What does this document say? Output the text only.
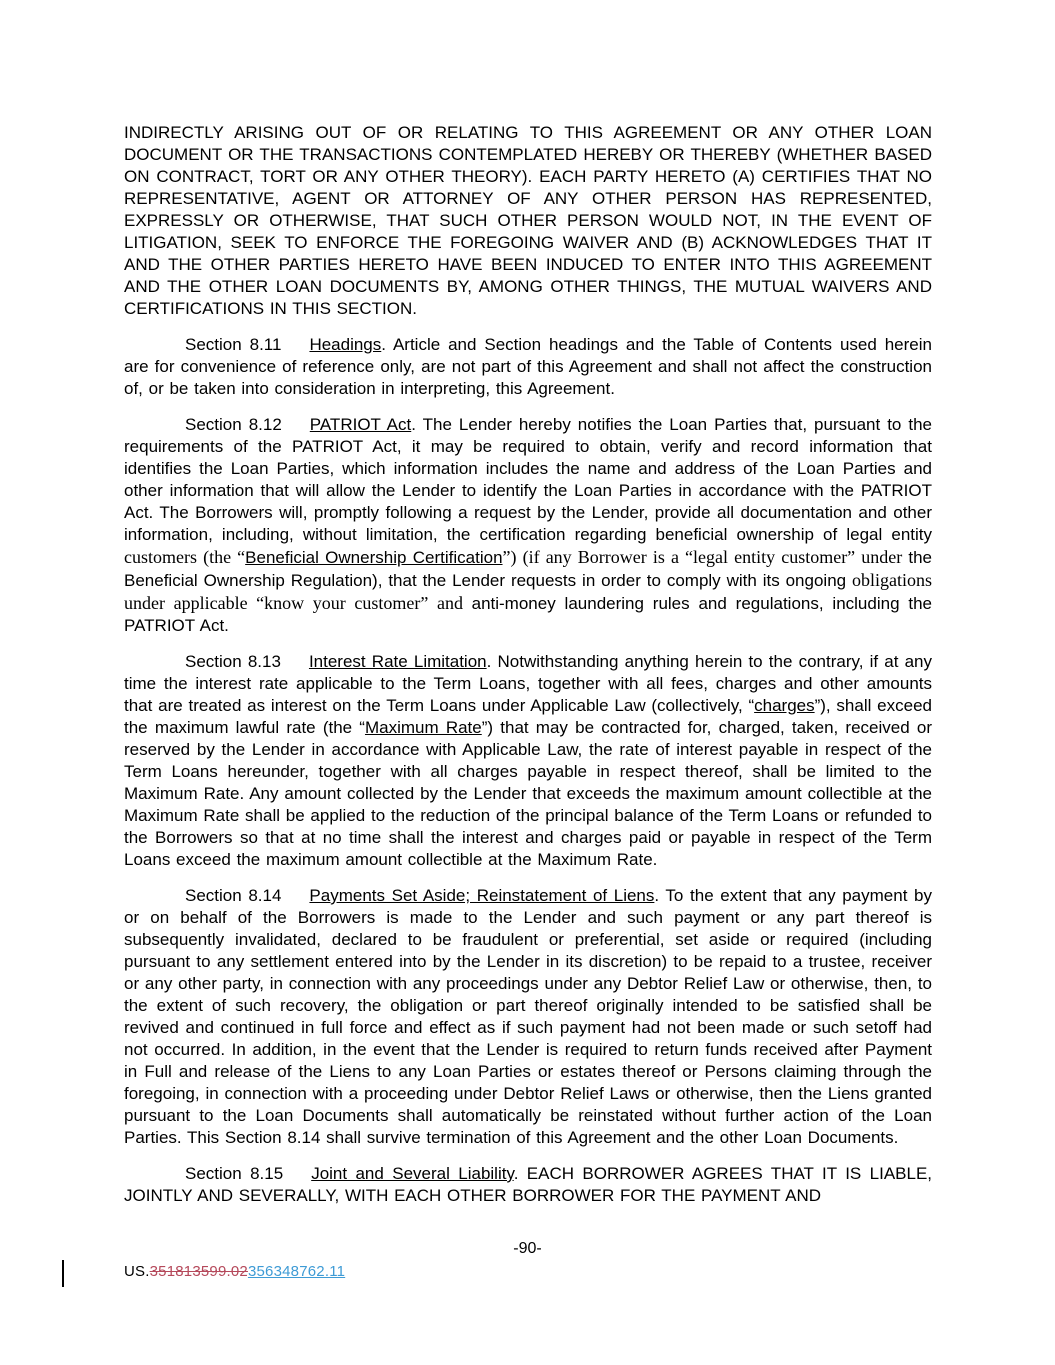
INDIRECTLY ARISING OUT OF OR RELATING TO THIS AGREEMENT OR ANY OTHER LOAN DOCUMENT OR THE TRANSACTIONS CONTEMPLATED HEREBY OR THEREBY (WHETHER BASED ON CONTRACT, TORT OR ANY OTHER THEORY). EACH PARTY HERETO (A) CERTIFIES THAT NO REPRESENTATIVE, AGENT OR ATTORNEY OF ANY OTHER PERSON HAS REPRESENTED, EXPRESSLY OR OTHERWISE, THAT SUCH OTHER PERSON WOULD NOT, IN THE EVENT OF LITIGATION, SEEK TO ENFORCE THE FOREGOING WAIVER AND (B) ACKNOWLEDGES THAT IT AND THE OTHER PARTIES HERETO HAVE BEEN INDUCED TO ENTER INTO THIS AGREEMENT AND THE OTHER LOAN DOCUMENTS BY, AMONG OTHER THINGS, THE MUTUAL WAIVERS AND CERTIFICATIONS IN THIS SECTION.

Section 8.11 Headings. Article and Section headings and the Table of Contents used herein are for convenience of reference only, are not part of this Agreement and shall not affect the construction of, or be taken into consideration in interpreting, this Agreement.

Section 8.12 PATRIOT Act. The Lender hereby notifies the Loan Parties that, pursuant to the requirements of the PATRIOT Act, it may be required to obtain, verify and record information that identifies the Loan Parties, which information includes the name and address of the Loan Parties and other information that will allow the Lender to identify the Loan Parties in accordance with the PATRIOT Act. The Borrowers will, promptly following a request by the Lender, provide all documentation and other information, including, without limitation, the certification regarding beneficial ownership of legal entity customers (the “Beneficial Ownership Certification”) (if any Borrower is a “legal entity customer” under the Beneficial Ownership Regulation), that the Lender requests in order to comply with its ongoing obligations under applicable “know your customer” and anti-money laundering rules and regulations, including the PATRIOT Act.

Section 8.13 Interest Rate Limitation. Notwithstanding anything herein to the contrary, if at any time the interest rate applicable to the Term Loans, together with all fees, charges and other amounts that are treated as interest on the Term Loans under Applicable Law (collectively, “charges”), shall exceed the maximum lawful rate (the “Maximum Rate”) that may be contracted for, charged, taken, received or reserved by the Lender in accordance with Applicable Law, the rate of interest payable in respect of the Term Loans hereunder, together with all charges payable in respect thereof, shall be limited to the Maximum Rate. Any amount collected by the Lender that exceeds the maximum amount collectible at the Maximum Rate shall be applied to the reduction of the principal balance of the Term Loans or refunded to the Borrowers so that at no time shall the interest and charges paid or payable in respect of the Term Loans exceed the maximum amount collectible at the Maximum Rate.

Section 8.14 Payments Set Aside; Reinstatement of Liens. To the extent that any payment by or on behalf of the Borrowers is made to the Lender and such payment or any part thereof is subsequently invalidated, declared to be fraudulent or preferential, set aside or required (including pursuant to any settlement entered into by the Lender in its discretion) to be repaid to a trustee, receiver or any other party, in connection with any proceedings under any Debtor Relief Law or otherwise, then, to the extent of such recovery, the obligation or part thereof originally intended to be satisfied shall be revived and continued in full force and effect as if such payment had not been made or such setoff had not occurred. In addition, in the event that the Lender is required to return funds received after Payment in Full and release of the Liens to any Loan Parties or estates thereof or Persons claiming through the foregoing, in connection with a proceeding under Debtor Relief Laws or otherwise, then the Liens granted pursuant to the Loan Documents shall automatically be reinstated without further action of the Loan Parties. This Section 8.14 shall survive termination of this Agreement and the other Loan Documents.

Section 8.15 Joint and Several Liability. EACH BORROWER AGREES THAT IT IS LIABLE, JOINTLY AND SEVERALLY, WITH EACH OTHER BORROWER FOR THE PAYMENT AND

-90-
US.351813599.02356348762.11
